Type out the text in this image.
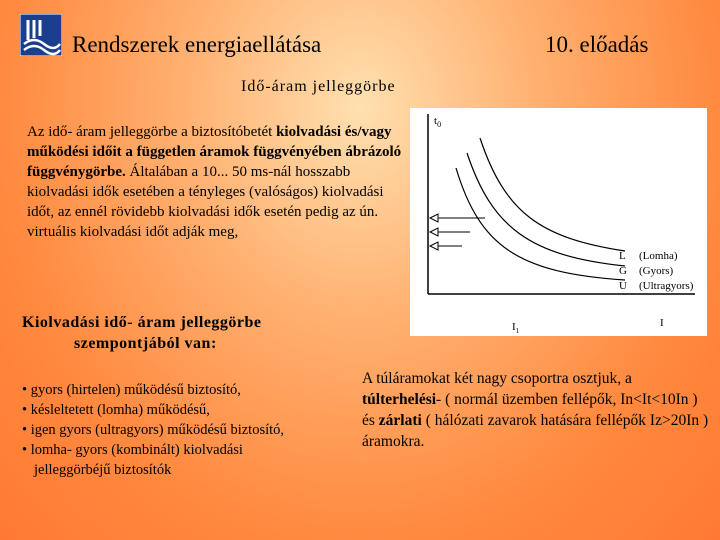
Rendszerek energiaellátása	10. előadás
Idő-áram jelleggörbe
Az idő- áram jelleggörbe a biztosítóbetét kiolvadási és/vagy működési időit a független áramok függvényében ábrázoló függvénygörbe. Általában a 10... 50 ms-nál hosszabb kiolvadási idők esetében a tényleges (valóságos) kiolvadási időt, az ennél rövidebb kiolvadási idők esetén pedig az ún. virtuális kiolvadási időt adják meg,
$t_0$
L (Lomha)
G (Gyors)
U (Ultragyors)
$I_1$
I
Kiolvadási idő- áram jelleggörbe
szempontjából van:
• gyors (hirtelen) működésű biztosító,
• késleltetett (lomha) működésű,
• igen gyors (ultragyors) működésű biztosító,
• lomha- gyors (kombinált) kiolvadási
jelleggörbéjű biztosítók
A túláramokat két nagy csoportra osztjuk, a túlterhelési- ( normál üzemben fellépők, In<It<10In ) és zárlati ( hálózati zavarok hatására fellépők Iz>20In ) áramokra.
